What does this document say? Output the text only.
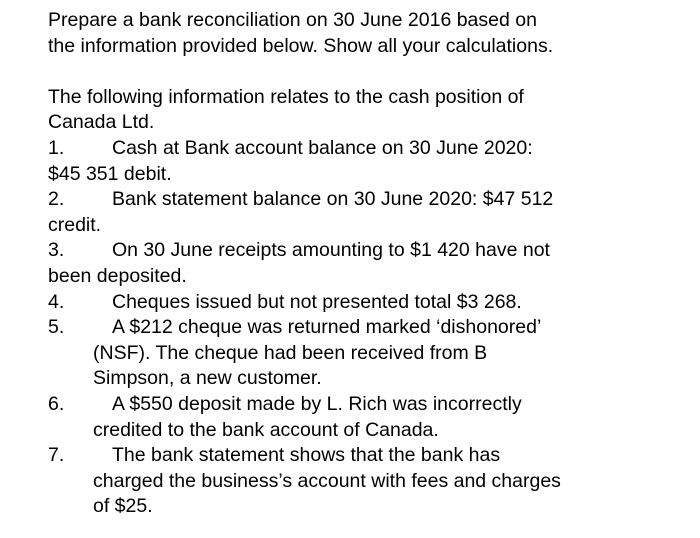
Prepare a bank reconciliation on 30 June 2016 based on
the information provided below. Show all your calculations.
The following information relates to the cash position of
Canada Ltd.
1. Cash at Bank account balance on 30 June 2020:
$45 351 debit.
2. Bank statement balance on 30 June 2020: $47 512
credit.
3. On 30 June receipts amounting to $1 420 have not
been deposited.
4. Cheques issued but not presented total $3 268.
5. A $212 cheque was returned marked ‘dishonored’
(NSF). The cheque had been received from B
Simpson, a new customer.
6. A $550 deposit made by L. Rich was incorrectly
credited to the bank account of Canada.
7. The bank statement shows that the bank has
charged the business’s account with fees and charges
of $25.
